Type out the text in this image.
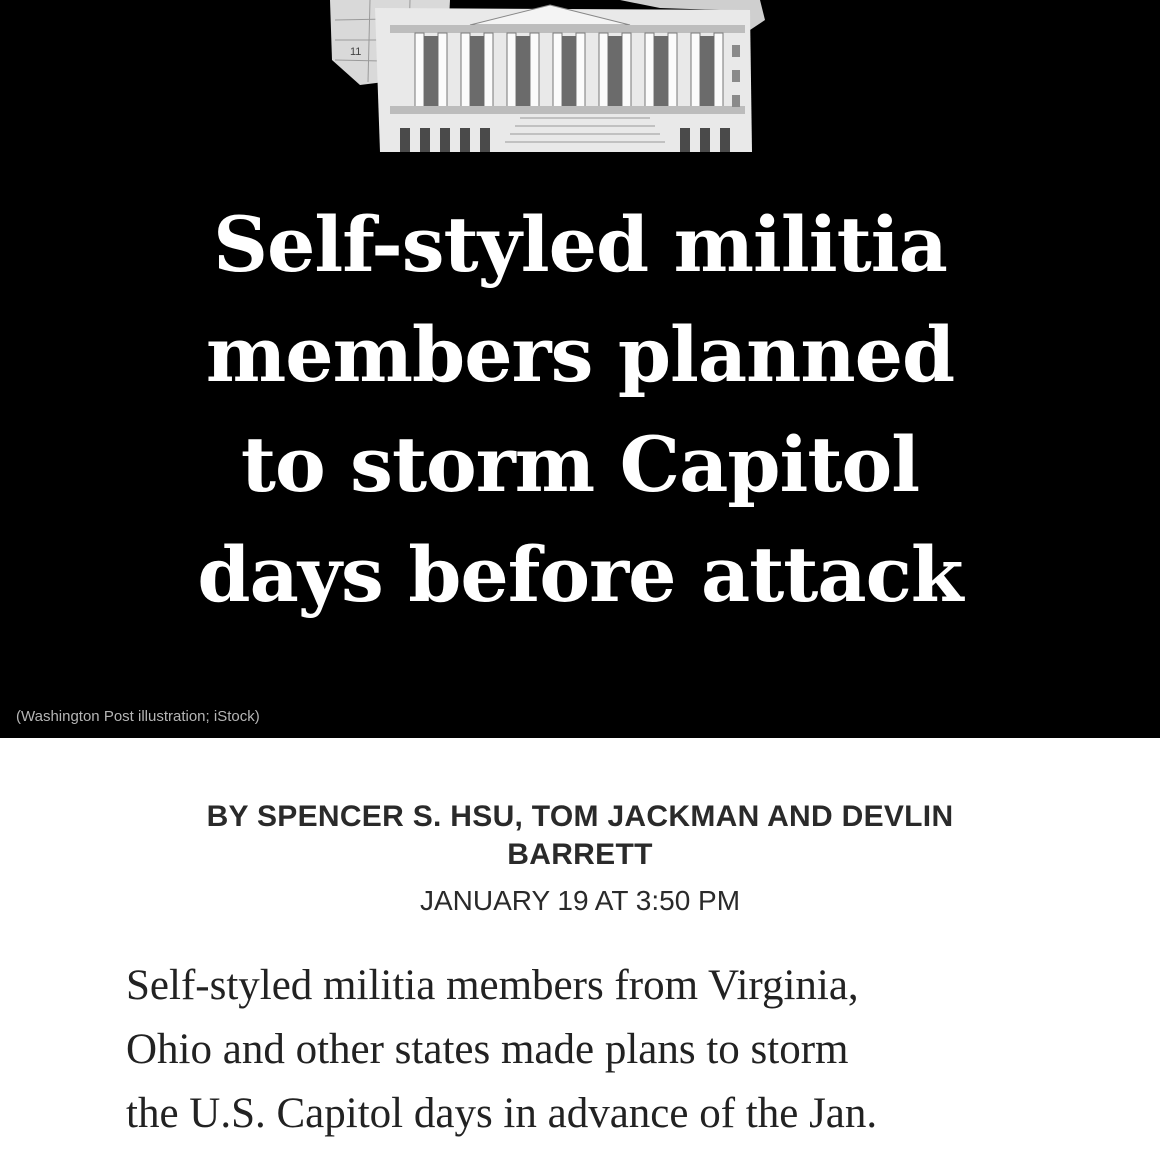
11
Self-styled militia
members planned
to storm Capitol
days before attack
(Washington Post illustration; iStock)
BY SPENCER S. HSU, TOM JACKMAN AND DEVLIN BARRETT
JANUARY 19 AT 3:50 PM

Self-styled militia members from Virginia,
Ohio and other states made plans to storm
the U.S. Capitol days in advance of the Jan.
